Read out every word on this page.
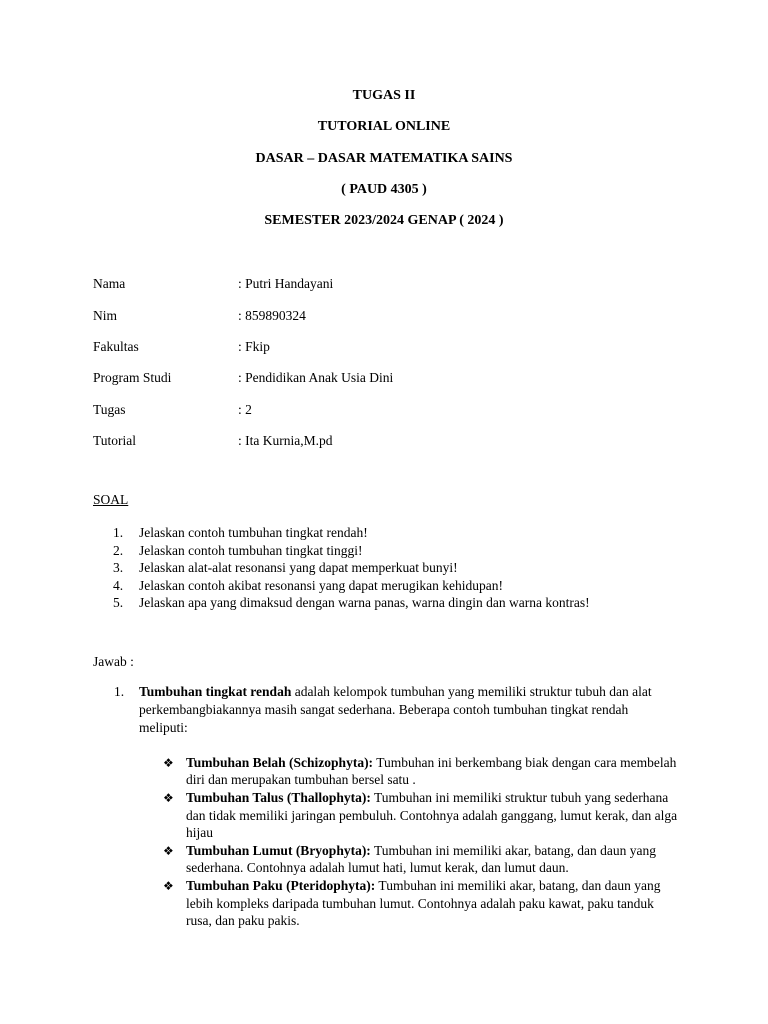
TUGAS II
TUTORIAL ONLINE
DASAR – DASAR MATEMATIKA SAINS
( PAUD 4305 )
SEMESTER 2023/2024 GENAP ( 2024 )
Nama	: Putri Handayani
Nim	: 859890324
Fakultas	: Fkip
Program Studi	: Pendidikan Anak Usia Dini
Tugas	: 2
Tutorial	: Ita Kurnia,M.pd
SOAL
1. Jelaskan contoh tumbuhan tingkat rendah!
2. Jelaskan contoh tumbuhan tingkat tinggi!
3. Jelaskan alat-alat resonansi yang dapat memperkuat bunyi!
4. Jelaskan contoh akibat resonansi yang dapat merugikan kehidupan!
5. Jelaskan apa yang dimaksud dengan warna panas, warna dingin dan warna kontras!
Jawab :
1. Tumbuhan tingkat rendah adalah kelompok tumbuhan yang memiliki struktur tubuh dan alat perkembangbiakannya masih sangat sederhana. Beberapa contoh tumbuhan tingkat rendah meliputi:
❖ Tumbuhan Belah (Schizophyta): Tumbuhan ini berkembang biak dengan cara membelah diri dan merupakan tumbuhan bersel satu .
❖ Tumbuhan Talus (Thallophyta): Tumbuhan ini memiliki struktur tubuh yang sederhana dan tidak memiliki jaringan pembuluh. Contohnya adalah ganggang, lumut kerak, dan alga hijau
❖ Tumbuhan Lumut (Bryophyta): Tumbuhan ini memiliki akar, batang, dan daun yang sederhana. Contohnya adalah lumut hati, lumut kerak, dan lumut daun.
❖ Tumbuhan Paku (Pteridophyta): Tumbuhan ini memiliki akar, batang, dan daun yang lebih kompleks daripada tumbuhan lumut. Contohnya adalah paku kawat, paku tanduk rusa, dan paku pakis.
